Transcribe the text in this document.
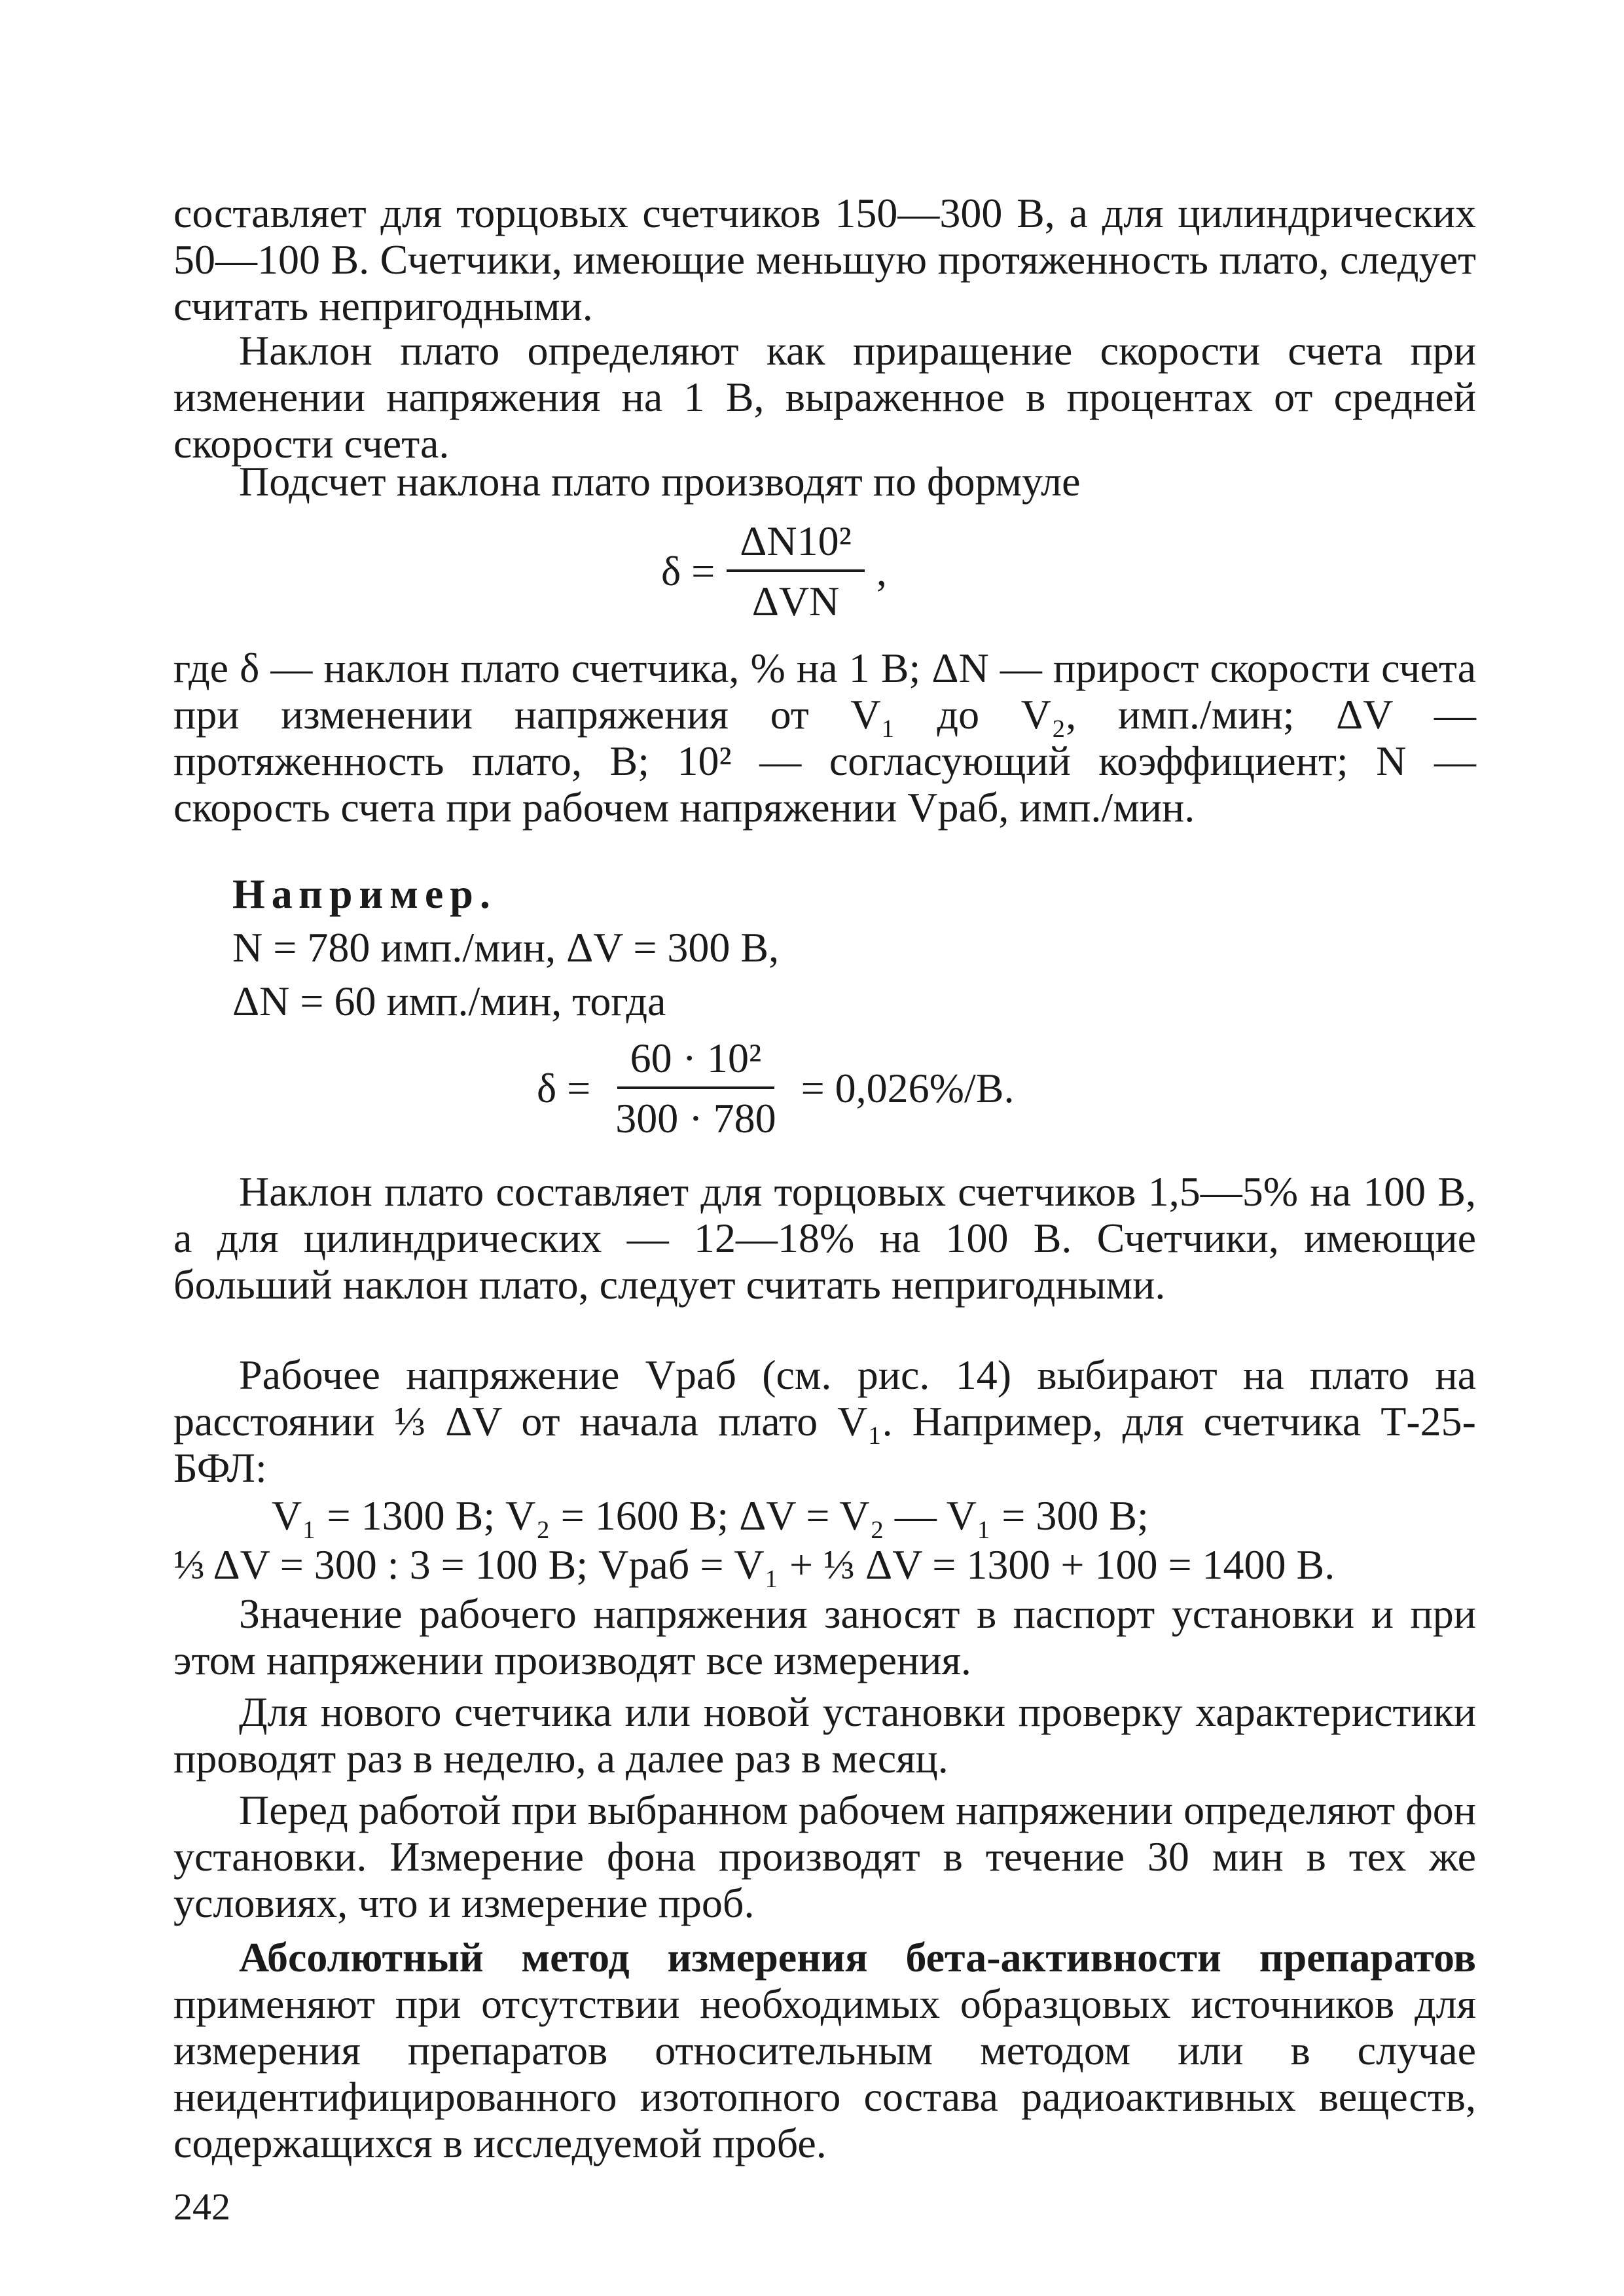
составляет для торцовых счетчиков 150—300 В, а для цилиндрических 50—100 В. Счетчики, имеющие меньшую протяженность плато, следует считать непригодными.

Наклон плато определяют как приращение скорости счета при изменении напряжения на 1 В, выраженное в процентах от средней скорости счета.

Подсчет наклона плато производят по формуле

$\delta = \frac{\text{ΔN10²}}{\text{ΔVN}}$ ,

где δ — наклон плато счетчика, % на 1 В; ΔN — прирост скорости счета при изменении напряжения от V₁ до V₂, имп./мин; ΔV — протяженность плато, В; 10² — согласующий коэффициент; N — скорость счета при рабочем напряжении Vраб, имп./мин.

Например.
N = 780 имп./мин, ΔV = 300 В,
ΔN = 60 имп./мин, тогда
$\delta = \frac{\text{60 · 10²}}{300 \cdot 780} = 0,026\%/В$.

Наклон плато составляет для торцовых счетчиков 1,5—5% на 100 В, а для цилиндрических — 12—18% на 100 В. Счетчики, имеющие больший наклон плато, следует считать непригодными.

Рабочее напряжение Vраб (см. рис. 14) выбирают на плато на расстоянии ⅓ ΔV от начала плато V₁. Например, для счетчика Т-25-БФЛ:

V₁ = 1300 В; V₂ = 1600 В; ΔV = V₂ — V₁ = 300 В;
⅓ ΔV = 300 : 3 = 100 В; Vраб = V₁ + ⅓ ΔV = 1300 + 100 = 1400 В.

Значение рабочего напряжения заносят в паспорт установки и при этом напряжении производят все измерения.

Для нового счетчика или новой установки проверку характеристики проводят раз в неделю, а далее раз в месяц.

Перед работой при выбранном рабочем напряжении определяют фон установки. Измерение фона производят в течение 30 мин в тех же условиях, что и измерение проб.

Абсолютный метод измерения бета-активности препаратов применяют при отсутствии необходимых образцовых источников для измерения препаратов относительным методом или в случае неидентифицированного изотопного состава радиоактивных веществ, содержащихся в исследуемой пробе.

242
